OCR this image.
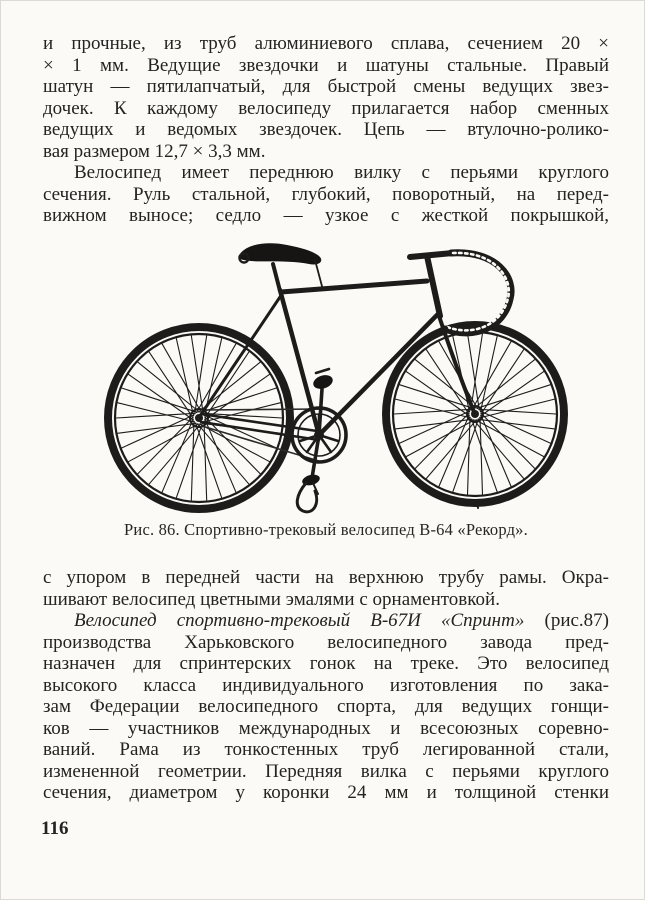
и прочные, из труб алюминиевого сплава, сечением 20 ×
× 1 мм. Ведущие звездочки и шатуны стальные. Правый
шатун — пятилапчатый, для быстрой смены ведущих звез-
дочек. К каждому велосипеду прилагается набор сменных
ведущих и ведомых звездочек. Цепь — втулочно-ролико-
вая размером 12,7 × 3,3 мм.
Велосипед имеет переднюю вилку с перьями круглого
сечения. Руль стальной, глубокий, поворотный, на перед-
вижном выносе; седло — узкое с жесткой покрышкой,
Рис. 86. Спортивно-трековый велосипед В-64 «Рекорд».
с упором в передней части на верхнюю трубу рамы. Окра-
шивают велосипед цветными эмалями с орнаментовкой.
Велосипед спортивно-трековый В-67И «Спринт» (рис.87)
производства Харьковского велосипедного завода пред-
назначен для спринтерских гонок на треке. Это велосипед
высокого класса индивидуального изготовления по зака-
зам Федерации велосипедного спорта, для ведущих гонщи-
ков — участников международных и всесоюзных соревно-
ваний. Рама из тонкостенных труб легированной стали,
измененной геометрии. Передняя вилка с перьями круглого
сечения, диаметром у коронки 24 мм и толщиной стенки
116
